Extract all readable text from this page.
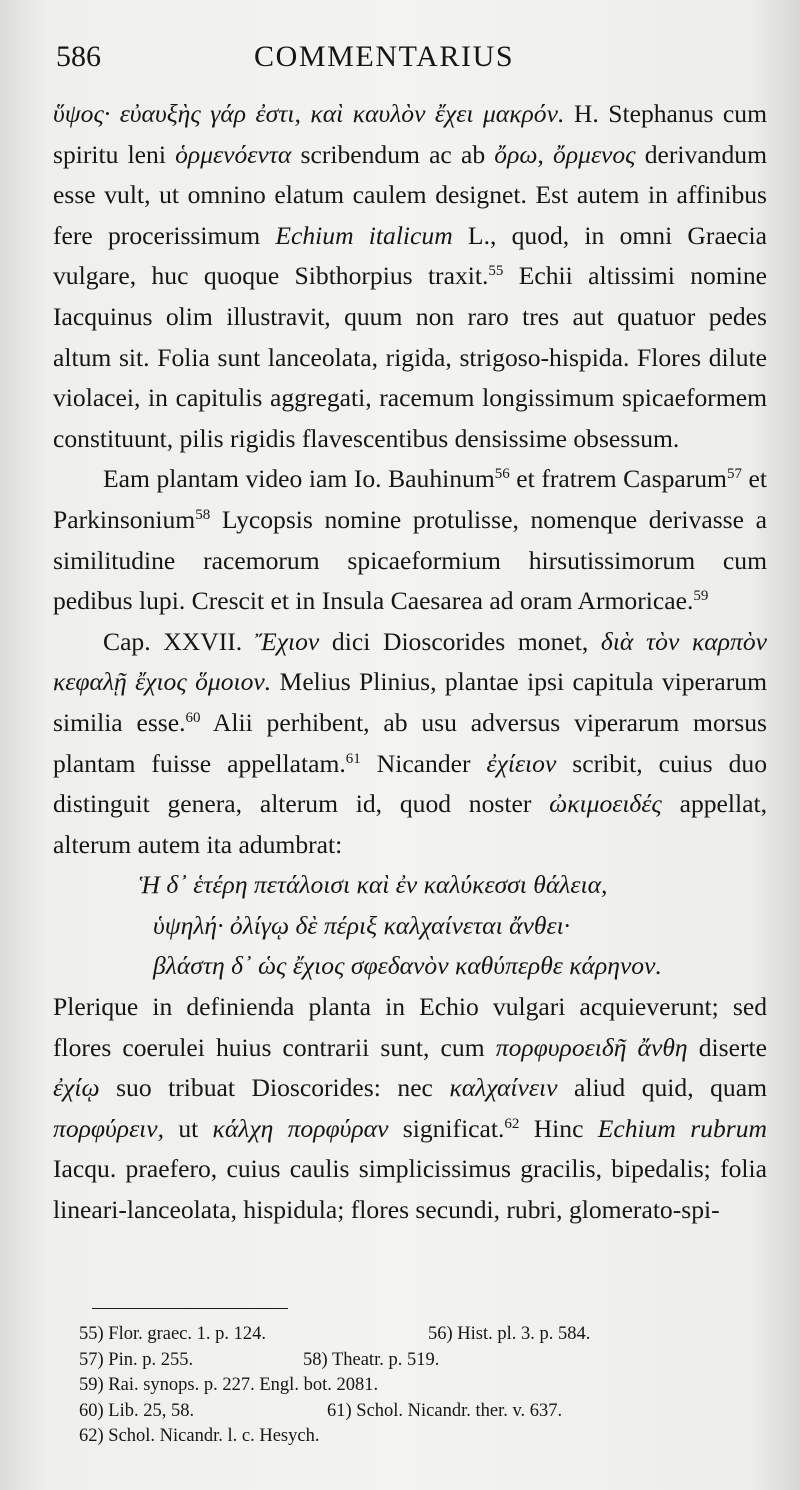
586	COMMENTARIUS

ὕψος· εὐαυξὴς γάρ ἐστι, καὶ καυλὸν ἔχει μακρόν. H. Stephanus cum spiritu leni ὁρμενόεντα scribendum ac ab ὄρω, ὄρμενος derivandum esse vult, ut omnino elatum caulem designet. Est autem in affinibus fere procerissimum Echium italicum L., quod, in omni Graecia vulgare, huc quoque Sibthorpius traxit.$^{55}$ Echii altissimi nomine Iacquinus olim illustravit, quum non raro tres aut quatuor pedes altum sit. Folia sunt lanceolata, rigida, strigoso-hispida. Flores dilute violacei, in capitulis aggregati, racemum longissimum spicaeformem constituunt, pilis rigidis flavescentibus densissime obsessum.

Eam plantam video iam Io. Bauhinum$^{56}$ et fratrem Casparum$^{57}$ et Parkinsonium$^{58}$ Lycopsis nomine protulisse, nomenque derivasse a similitudine racemorum spicaeformium hirsutissimorum cum pedibus lupi. Crescit et in Insula Caesarea ad oram Armoricae.$^{59}$

Cap. XXVII. Ἔχιον dici Dioscorides monet, διὰ τὸν καρπὸν κεφαλῇ ἔχιος ὅμοιον. Melius Plinius, plantae ipsi capitula viperarum similia esse.$^{60}$ Alii perhibent, ab usu adversus viperarum morsus plantam fuisse appellatam.$^{61}$ Nicander ἐχίειον scribit, cuius duo distinguit genera, alterum id, quod noster ὠκιμοειδές appellat, alterum autem ita adumbrat:

Ἡ δ᾽ ἑτέρη πετάλοισι καὶ ἐν καλύκεσσι θάλεια,

ὑψηλή· ὀλίγῳ δὲ πέριξ καλχαίνεται ἄνθει·

βλάστη δ᾽ ὡς ἔχιος σφεδανὸν καθύπερθε κάρηνον.

Plerique in definienda planta in Echio vulgari acquieverunt; sed flores coerulei huius contrarii sunt, cum πορφυροειδῆ ἄνθη diserte ἐχίῳ suo tribuat Dioscorides: nec καλχαίνειν aliud quid, quam πορφύρειν, ut κάλχη πορφύραν significat.$^{62}$ Hinc Echium rubrum Iacqu. praefero, cuius caulis simplicissimus gracilis, bipedalis; folia lineari-lanceolata, hispidula; flores secundi, rubri, glomerato-spi-

55) Flor. graec. 1. p. 124.	56) Hist. pl. 3. p. 584.
57) Pin. p. 255.	58) Theatr. p. 519.
59) Rai. synops. p. 227. Engl. bot. 2081.
60) Lib. 25, 58.	61) Schol. Nicandr. ther. v. 637.
62) Schol. Nicandr. l. c. Hesych.
